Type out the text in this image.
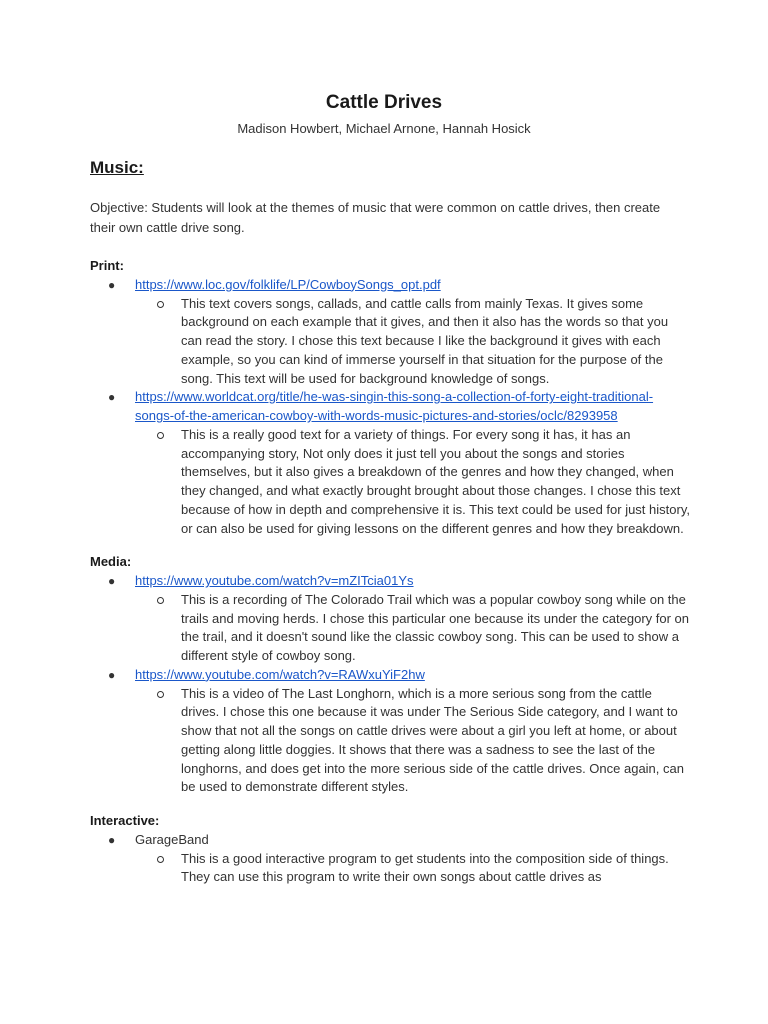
Cattle Drives
Madison Howbert, Michael Arnone, Hannah Hosick
Music:
Objective: Students will look at the themes of music that were common on cattle drives, then create their own cattle drive song.
Print:
● https://www.loc.gov/folklife/LP/CowboySongs_opt.pdf
This text covers songs, callads, and cattle calls from mainly Texas. It gives some background on each example that it gives, and then it also has the words so that you can read the story. I chose this text because I like the background it gives with each example, so you can kind of immerse yourself in that situation for the purpose of the song. This text will be used for background knowledge of songs.
● https://www.worldcat.org/title/he-was-singin-this-song-a-collection-of-forty-eight-traditional-songs-of-the-american-cowboy-with-words-music-pictures-and-stories/oclc/8293958
This is a really good text for a variety of things. For every song it has, it has an accompanying story, Not only does it just tell you about the songs and stories themselves, but it also gives a breakdown of the genres and how they changed, when they changed, and what exactly brought brought about those changes. I chose this text because of how in depth and comprehensive it is. This text could be used for just history, or can also be used for giving lessons on the different genres and how they breakdown.
Media:
● https://www.youtube.com/watch?v=mZITcia01Ys
This is a recording of The Colorado Trail which was a popular cowboy song while on the trails and moving herds. I chose this particular one because its under the category for on the trail, and it doesn't sound like the classic cowboy song. This can be used to show a different style of cowboy song.
● https://www.youtube.com/watch?v=RAWxuYiF2hw
This is a video of The Last Longhorn, which is a more serious song from the cattle drives. I chose this one because it was under The Serious Side category, and I want to show that not all the songs on cattle drives were about a girl you left at home, or about getting along little doggies. It shows that there was a sadness to see the last of the longhorns, and does get into the more serious side of the cattle drives. Once again, can be used to demonstrate different styles.
Interactive:
● GarageBand
This is a good interactive program to get students into the composition side of things. They can use this program to write their own songs about cattle drives as
